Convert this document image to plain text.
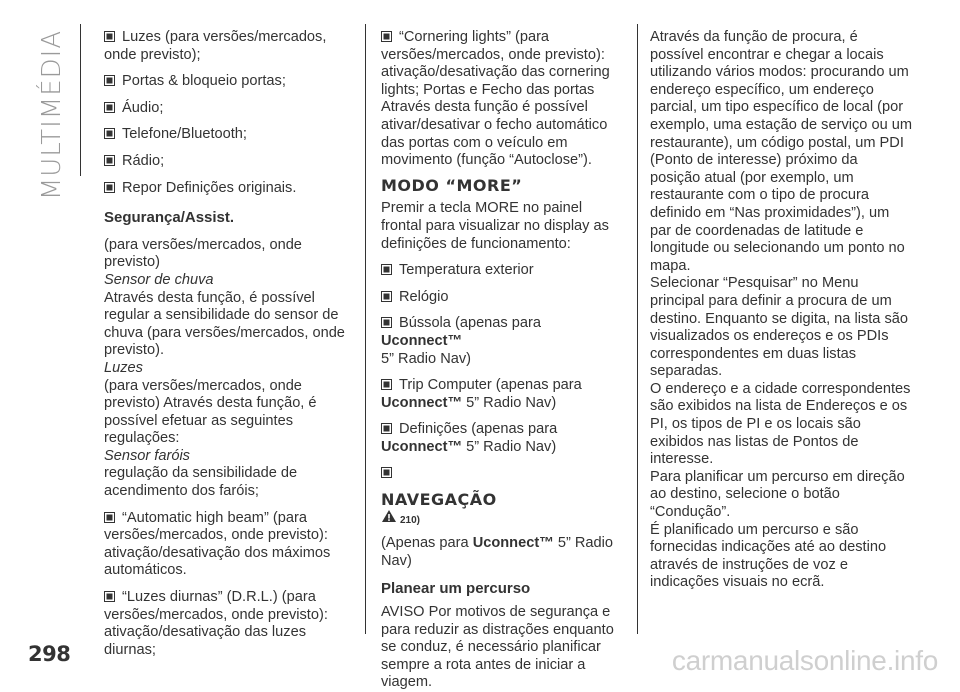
MULTIMÉDIA	Luzes (para versões/mercados, onde previsto);

Portas & bloqueio portas;

Áudio;

Telefone/Bluetooth;

Rádio;

Repor Definições originais.

Segurança/Assist.

(para versões/mercados, onde previsto)

Sensor de chuva

Através desta função, é possível regular a sensibilidade do sensor de chuva (para versões/mercados, onde previsto).

Luzes

(para versões/mercados, onde previsto) Através desta função, é possível efetuar as seguintes regulações:

Sensor faróis

regulação da sensibilidade de acendimento dos faróis;

“Automatic high beam” (para versões/mercados, onde previsto): ativação/desativação dos máximos automáticos.

“Luzes diurnas” (D.R.L.) (para versões/mercados, onde previsto): ativação/desativação das luzes diurnas;

“Cornering lights” (para versões/mercados, onde previsto): ativação/desativação das cornering lights; Portas e Fecho das portas

Através desta função é possível ativar/desativar o fecho automático das portas com o veículo em movimento (função “Autoclose”).

MODO “MORE”

Premir a tecla MORE no painel frontal para visualizar no display as definições de funcionamento:

Temperatura exterior

Relógio

Bússola (apenas para Uconnect™
5” Radio Nav)

Trip Computer (apenas para
Uconnect™ 5” Radio Nav)

Definições (apenas para
Uconnect™ 5” Radio Nav)

NAVEGAÇÃO

210)

(Apenas para Uconnect™ 5” Radio Nav)

Planear um percurso

AVISO Por motivos de segurança e para reduzir as distrações enquanto se conduz, é necessário planificar sempre a rota antes de iniciar a viagem.

Através da função de procura, é possível encontrar e chegar a locais utilizando vários modos: procurando um endereço específico, um endereço parcial, um tipo específico de local (por exemplo, uma estação de serviço ou um restaurante), um código postal, um PDI (Ponto de interesse) próximo da posição atual (por exemplo, um restaurante com o tipo de procura definido em “Nas proximidades”), um par de coordenadas de latitude e longitude ou selecionando um ponto no mapa.

Selecionar “Pesquisar” no Menu principal para definir a procura de um destino. Enquanto se digita, na lista são visualizados os endereços e os PDIs correspondentes em duas listas separadas.

O endereço e a cidade correspondentes são exibidos na lista de Endereços e os PI, os tipos de PI e os locais são exibidos nas listas de Pontos de interesse.

Para planificar um percurso em direção ao destino, selecione o botão “Condução”.

É planificado um percurso e são fornecidas indicações até ao destino através de instruções de voz e indicações visuais no ecrã.

298	carmanualsonline.info
